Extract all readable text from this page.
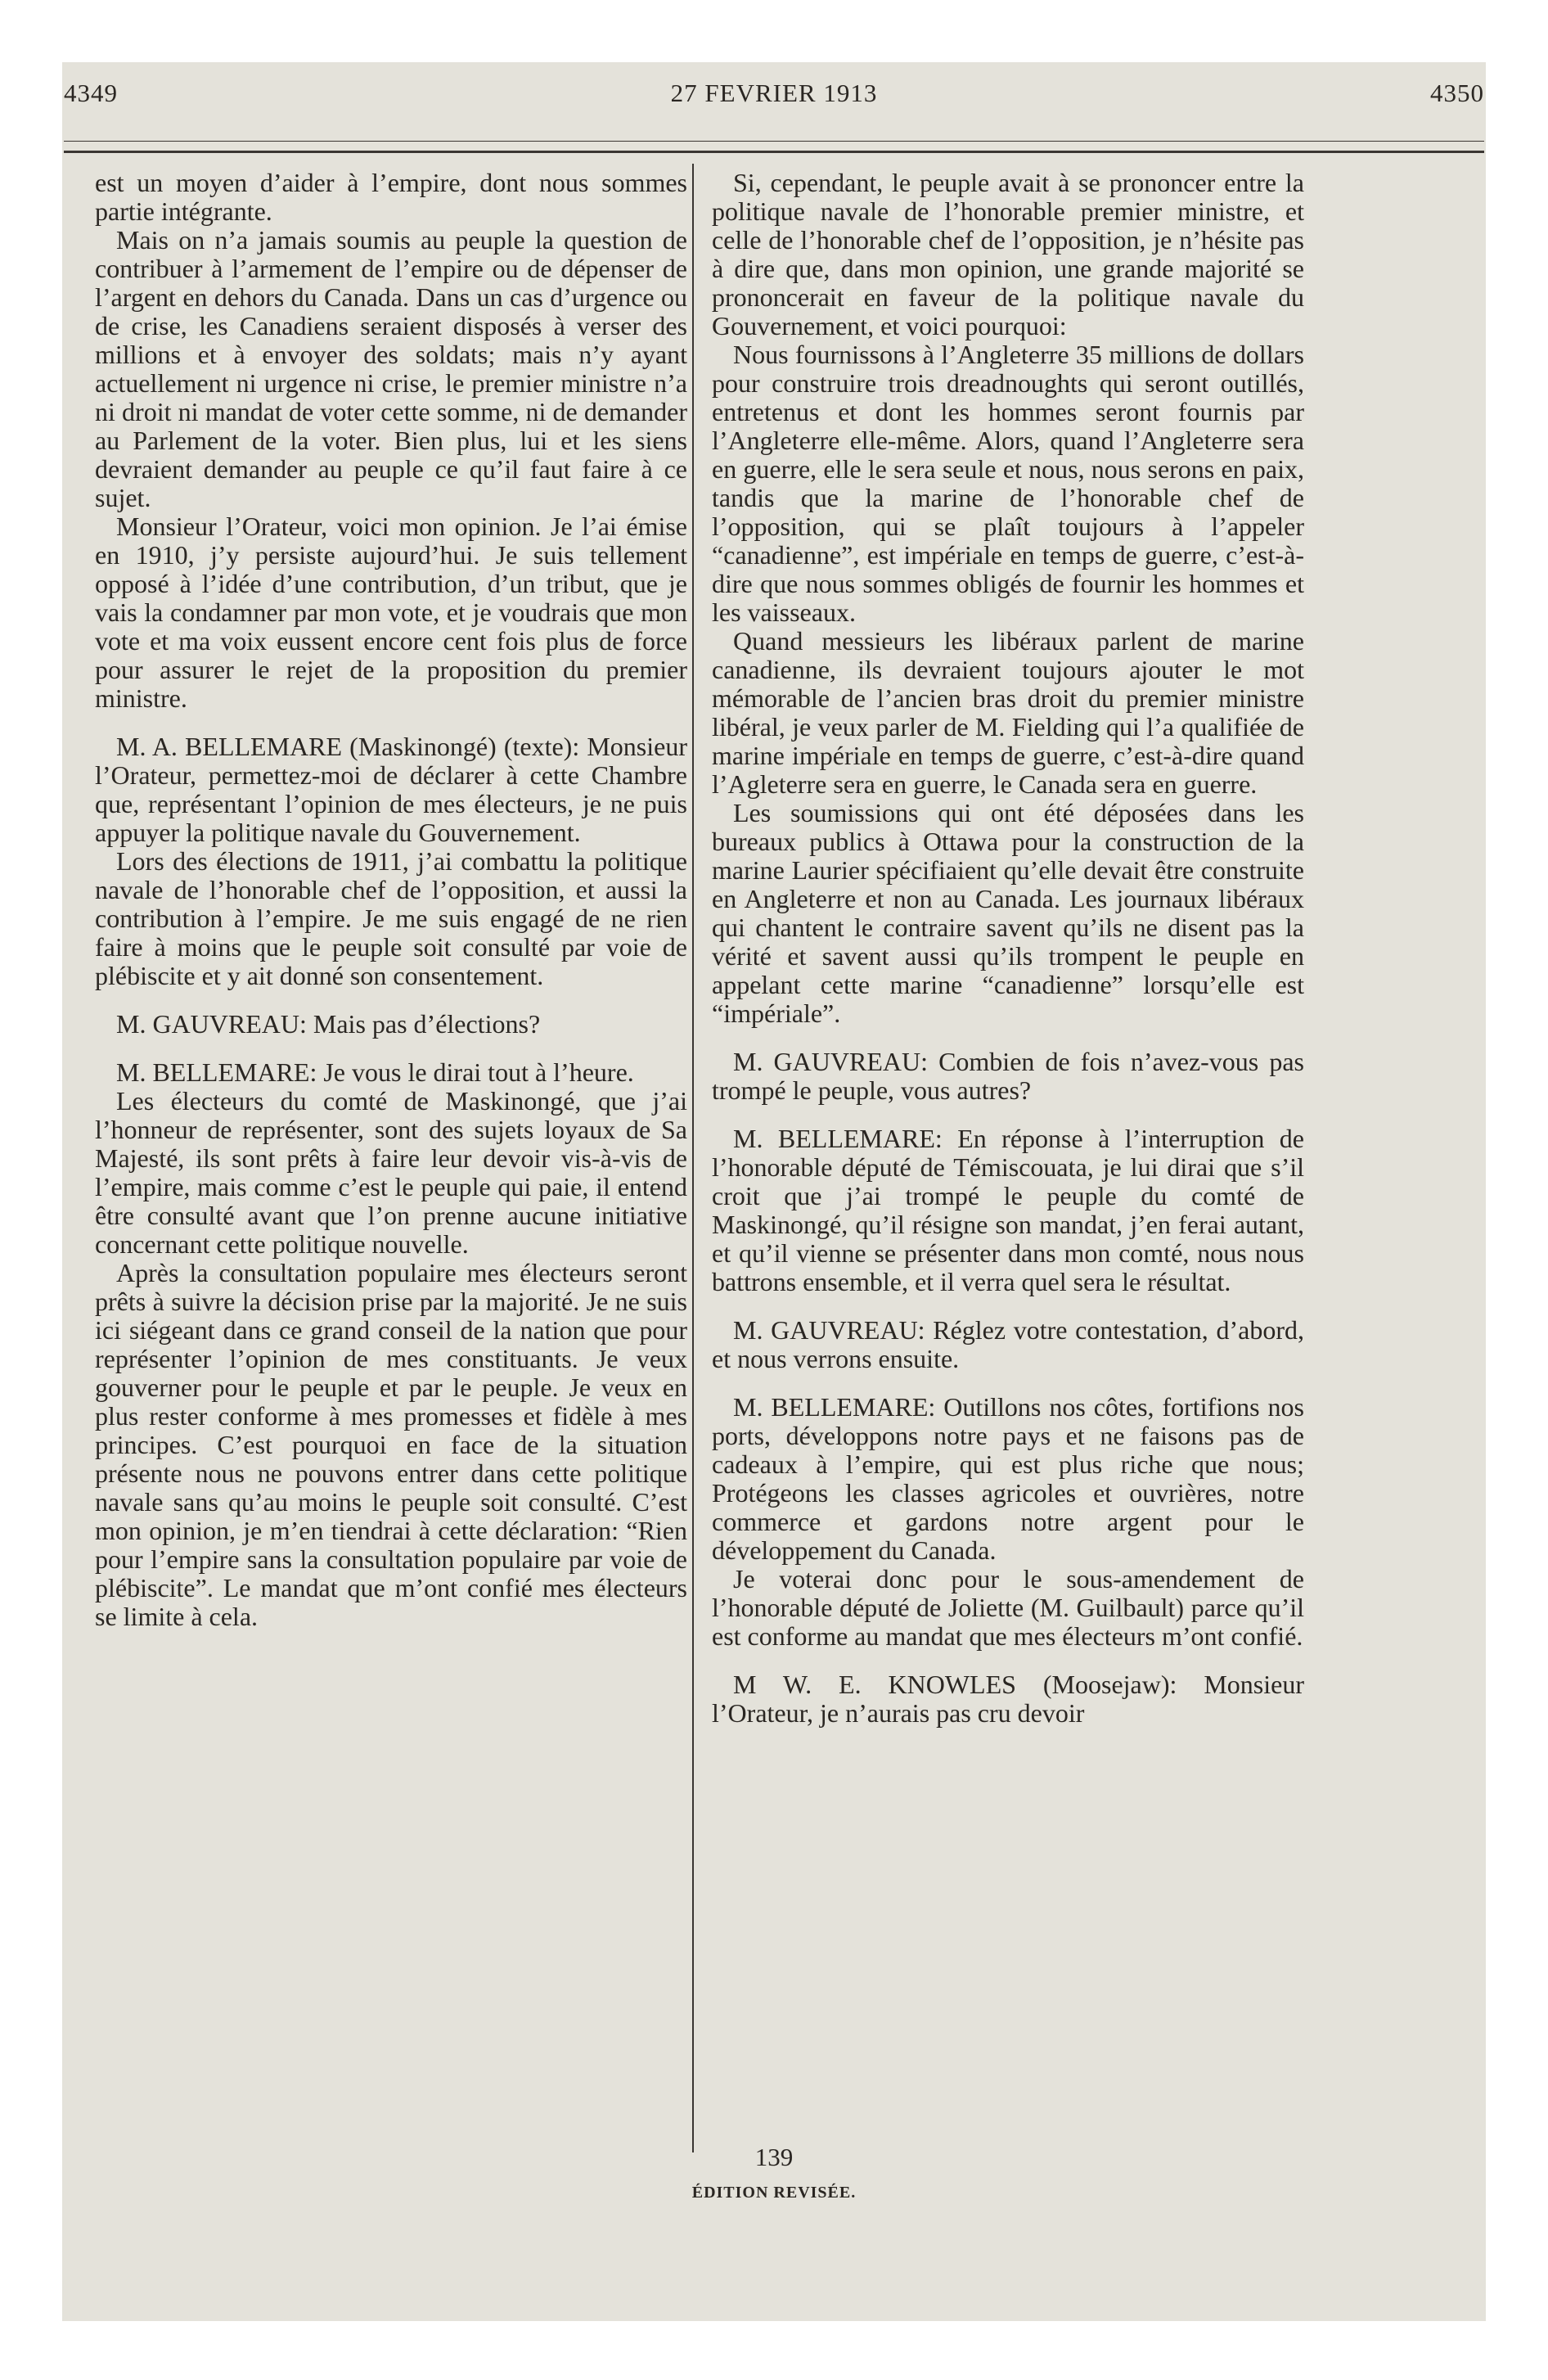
4349	27 FEVRIER 1913	4350

est un moyen d’aider à l’empire, dont nous sommes partie intégrante.

Mais on n’a jamais soumis au peuple la question de contribuer à l’armement de l’empire ou de dépenser de l’argent en dehors du Canada. Dans un cas d’urgence ou de crise, les Canadiens seraient disposés à verser des millions et à envoyer des soldats; mais n’y ayant actuellement ni urgence ni crise, le premier ministre n’a ni droit ni mandat de voter cette somme, ni de demander au Parlement de la voter. Bien plus, lui et les siens devraient demander au peuple ce qu’il faut faire à ce sujet.

Monsieur l’Orateur, voici mon opinion. Je l’ai émise en 1910, j’y persiste aujourd’hui. Je suis tellement opposé à l’idée d’une contribution, d’un tribut, que je vais la condamner par mon vote, et je voudrais que mon vote et ma voix eussent encore cent fois plus de force pour assurer le rejet de la proposition du premier ministre.

M. A. BELLEMARE (Maskinongé) (texte): Monsieur l’Orateur, permettez-moi de déclarer à cette Chambre que, représentant l’opinion de mes électeurs, je ne puis appuyer la politique navale du Gouvernement.

Lors des élections de 1911, j’ai combattu la politique navale de l’honorable chef de l’opposition, et aussi la contribution à l’empire. Je me suis engagé de ne rien faire à moins que le peuple soit consulté par voie de plébiscite et y ait donné son consentement.

M. GAUVREAU: Mais pas d’élections?

M. BELLEMARE: Je vous le dirai tout à l’heure.

Les électeurs du comté de Maskinongé, que j’ai l’honneur de représenter, sont des sujets loyaux de Sa Majesté, ils sont prêts à faire leur devoir vis-à-vis de l’empire, mais comme c’est le peuple qui paie, il entend être consulté avant que l’on prenne aucune initiative concernant cette politique nouvelle.

Après la consultation populaire mes électeurs seront prêts à suivre la décision prise par la majorité. Je ne suis ici siégeant dans ce grand conseil de la nation que pour représenter l’opinion de mes constituants. Je veux gouverner pour le peuple et par le peuple. Je veux en plus rester conforme à mes promesses et fidèle à mes principes. C’est pourquoi en face de la situation présente nous ne pouvons entrer dans cette politique navale sans qu’au moins le peuple soit consulté. C’est mon opinion, je m’en tiendrai à cette déclaration: “Rien pour l’empire sans la consultation populaire par voie de plébiscite”. Le mandat que m’ont confié mes électeurs se limite à cela.

Si, cependant, le peuple avait à se prononcer entre la politique navale de l’honorable premier ministre, et celle de l’honorable chef de l’opposition, je n’hésite pas à dire que, dans mon opinion, une grande majorité se prononcerait en faveur de la politique navale du Gouvernement, et voici pourquoi:

Nous fournissons à l’Angleterre 35 millions de dollars pour construire trois dreadnoughts qui seront outillés, entretenus et dont les hommes seront fournis par l’Angleterre elle-même. Alors, quand l’Angleterre sera en guerre, elle le sera seule et nous, nous serons en paix, tandis que la marine de l’honorable chef de l’opposition, qui se plaît toujours à l’appeler “canadienne”, est impériale en temps de guerre, c’est-à-dire que nous sommes obligés de fournir les hommes et les vaisseaux.

Quand messieurs les libéraux parlent de marine canadienne, ils devraient toujours ajouter le mot mémorable de l’ancien bras droit du premier ministre libéral, je veux parler de M. Fielding qui l’a qualifiée de marine impériale en temps de guerre, c’est-à-dire quand l’Agleterre sera en guerre, le Canada sera en guerre.

Les soumissions qui ont été déposées dans les bureaux publics à Ottawa pour la construction de la marine Laurier spécifiaient qu’elle devait être construite en Angleterre et non au Canada. Les journaux libéraux qui chantent le contraire savent qu’ils ne disent pas la vérité et savent aussi qu’ils trompent le peuple en appelant cette marine “canadienne” lorsqu’elle est “impériale”.

M. GAUVREAU: Combien de fois n’avez-vous pas trompé le peuple, vous autres?

M. BELLEMARE: En réponse à l’interruption de l’honorable député de Témiscouata, je lui dirai que s’il croit que j’ai trompé le peuple du comté de Maskinongé, qu’il résigne son mandat, j’en ferai autant, et qu’il vienne se présenter dans mon comté, nous nous battrons ensemble, et il verra quel sera le résultat.

M. GAUVREAU: Réglez votre contestation, d’abord, et nous verrons ensuite.

M. BELLEMARE: Outillons nos côtes, fortifions nos ports, développons notre pays et ne faisons pas de cadeaux à l’empire, qui est plus riche que nous; Protégeons les classes agricoles et ouvrières, notre commerce et gardons notre argent pour le développement du Canada.

Je voterai donc pour le sous-amendement de l’honorable député de Joliette (M. Guilbault) parce qu’il est conforme au mandat que mes électeurs m’ont confié.

M W. E. KNOWLES (Moosejaw): Monsieur l’Orateur, je n’aurais pas cru devoir

139
ÉDITION REVISÉE.
